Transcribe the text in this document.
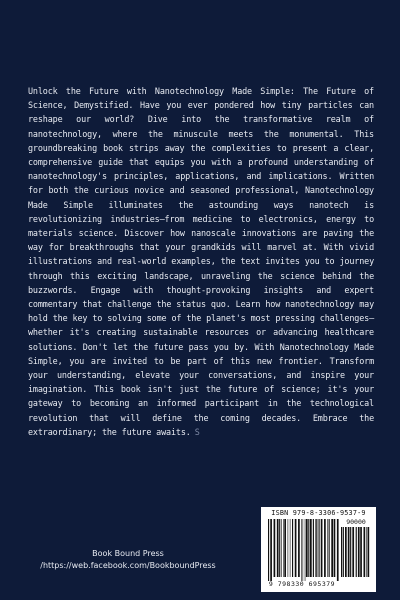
Unlock the Future with Nanotechnology Made Simple: The Future of Science, Demystified. Have you ever pondered how tiny particles can reshape our world? Dive into the transformative realm of nanotechnology, where the minuscule meets the monumental. This groundbreaking book strips away the complexities to present a clear, comprehensive guide that equips you with a profound understanding of nanotechnology's principles, applications, and implications. Written for both the curious novice and seasoned professional, Nanotechnology Made Simple illuminates the astounding ways nanotech is revolutionizing industries—from medicine to electronics, energy to materials science. Discover how nanoscale innovations are paving the way for breakthroughs that your grandkids will marvel at. With vivid illustrations and real-world examples, the text invites you to journey through this exciting landscape, unraveling the science behind the buzzwords. Engage with thought-provoking insights and expert commentary that challenge the status quo. Learn how nanotechnology may hold the key to solving some of the planet's most pressing challenges—whether it's creating sustainable resources or advancing healthcare solutions. Don't let the future pass you by. With Nanotechnology Made Simple, you are invited to be part of this new frontier. Transform your understanding, elevate your conversations, and inspire your imagination. This book isn't just the future of science; it's your gateway to becoming an informed participant in the technological revolution that will define the coming decades. Embrace the extraordinary; the future awaits. S

Book Bound Press
/https://web.facebook.com/BookboundPress
ISBN 979-8-3306-9537-9
90000
9 798330 695379
